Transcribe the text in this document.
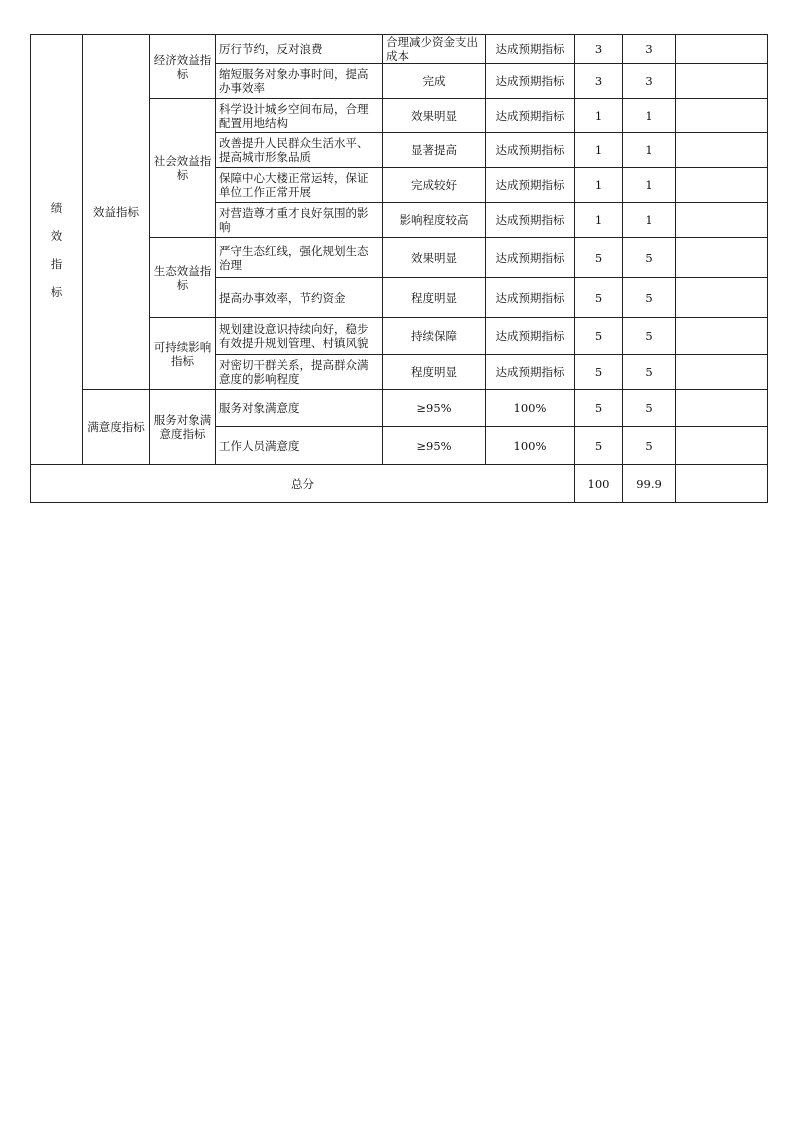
绩
效
指
标	效益指标	经济效益指标	厉行节约，反对浪费	合理减少资金支出成本	达成预期指标	3	3	
			缩短服务对象办事时间，提高办事效率	完成	达成预期指标	3	3	
		社会效益指标	科学设计城乡空间布局，合理配置用地结构	效果明显	达成预期指标	1	1	
			改善提升人民群众生活水平、提高城市形象品质	显著提高	达成预期指标	1	1	
			保障中心大楼正常运转，保证单位工作正常开展	完成较好	达成预期指标	1	1	
			对营造尊才重才良好氛围的影响	影响程度较高	达成预期指标	1	1	
		生态效益指标	严守生态红线，强化规划生态治理	效果明显	达成预期指标	5	5	
			提高办事效率，节约资金	程度明显	达成预期指标	5	5	
		可持续影响指标	规划建设意识持续向好，稳步有效提升规划管理、村镇风貌	持续保障	达成预期指标	5	5	
			对密切干群关系，提高群众满意度的影响程度	程度明显	达成预期指标	5	5	
	满意度指标	服务对象满意度指标	服务对象满意度	≥95%	100%	5	5	
			工作人员满意度	≥95%	100%	5	5	
总分						100	99.9	
